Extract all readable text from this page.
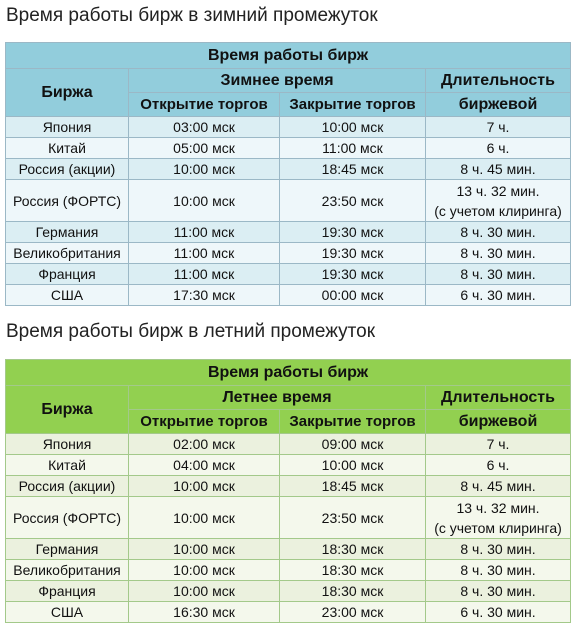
Время работы бирж в зимний промежуток
Время работы бирж			
Биржа	Зимнее время		Длительность
	Открытие торгов	Закрытие торгов	биржевой
Япония	03:00 мск	10:00 мск	7 ч.
Китай	05:00 мск	11:00 мск	6 ч.
Россия (акции)	10:00 мск	18:45 мск	8 ч. 45 мин.
Россия (ФОРТС)	10:00 мск	23:50 мск	13 ч. 32 мин.
(с учетом клиринга)

Германия	11:00 мск	19:30 мск	8 ч. 30 мин.
Великобритания	11:00 мск	19:30 мск	8 ч. 30 мин.
Франция	11:00 мск	19:30 мск	8 ч. 30 мин.
США	17:30 мск	00:00 мск	6 ч. 30 мин.
Время работы бирж в летний промежуток
Время работы бирж			
Биржа	Летнее время		Длительность
	Открытие торгов	Закрытие торгов	биржевой
Япония	02:00 мск	09:00 мск	7 ч.
Китай	04:00 мск	10:00 мск	6 ч.
Россия (акции)	10:00 мск	18:45 мск	8 ч. 45 мин.
Россия (ФОРТС)	10:00 мск	23:50 мск	13 ч. 32 мин.
(с учетом клиринга)

Германия	10:00 мск	18:30 мск	8 ч. 30 мин.
Великобритания	10:00 мск	18:30 мск	8 ч. 30 мин.
Франция	10:00 мск	18:30 мск	8 ч. 30 мин.
США	16:30 мск	23:00 мск	6 ч. 30 мин.
